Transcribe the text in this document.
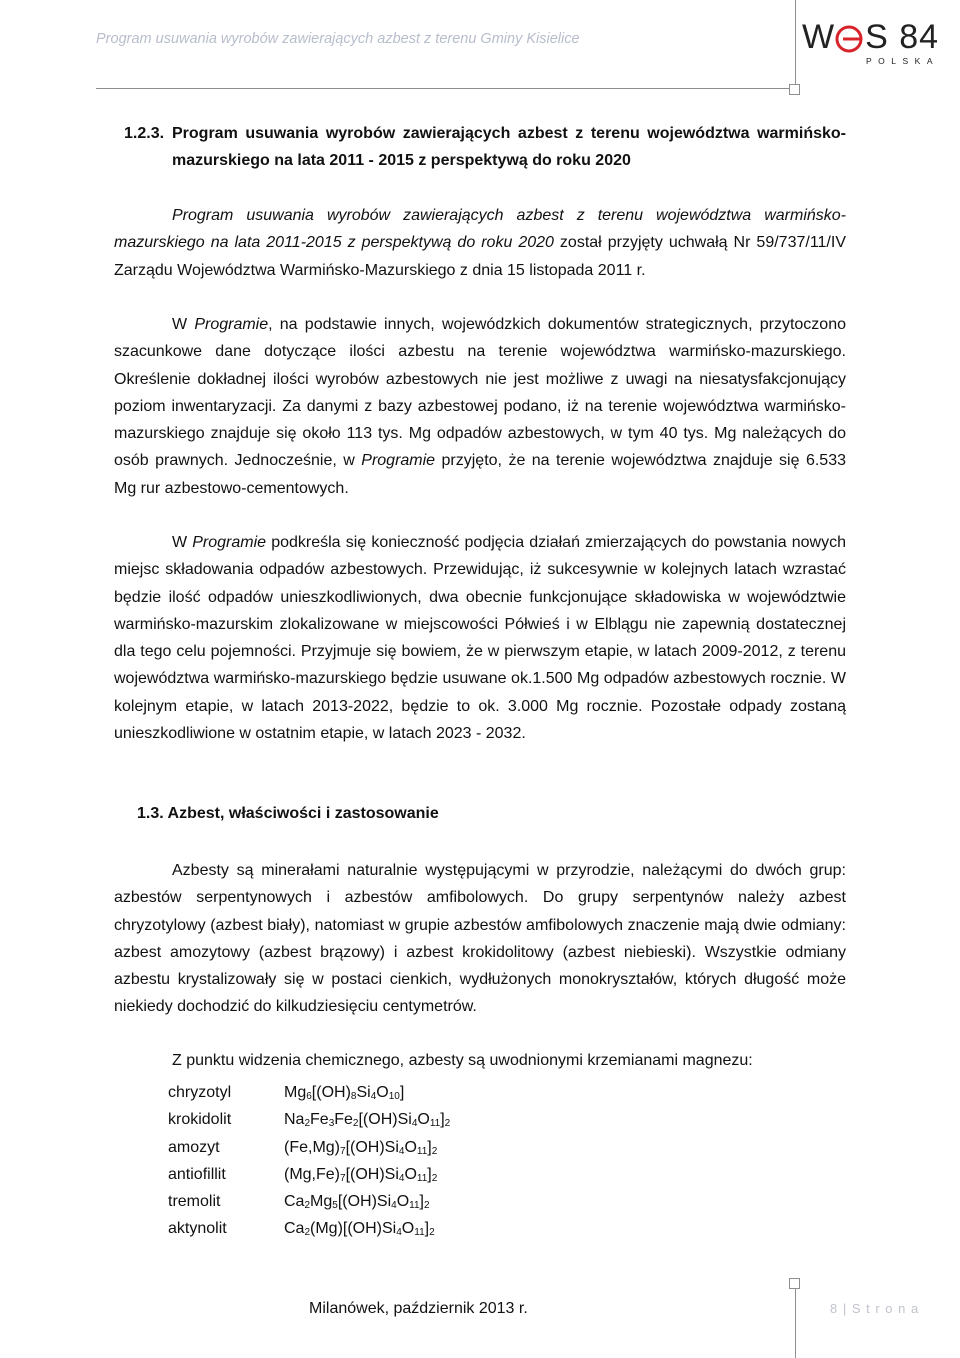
Program usuwania wyrobów zawierających azbest z terenu Gminy Kisielice	W S 84
POLSKA
1.2.3. Program usuwania wyrobów zawierających azbest z terenu województwa warmińsko-mazurskiego na lata 2011 - 2015 z perspektywą do roku 2020

Program usuwania wyrobów zawierających azbest z terenu województwa warmińsko-mazurskiego na lata 2011-2015 z perspektywą do roku 2020 został przyjęty uchwałą Nr 59/737/11/IV Zarządu Województwa Warmińsko-Mazurskiego z dnia 15 listopada 2011 r.

W Programie, na podstawie innych, wojewódzkich dokumentów strategicznych, przytoczono szacunkowe dane dotyczące ilości azbestu na terenie województwa warmińsko-mazurskiego. Określenie dokładnej ilości wyrobów azbestowych nie jest możliwe z uwagi na niesatysfakcjonujący poziom inwentaryzacji. Za danymi z bazy azbestowej podano, iż na terenie województwa warmińsko-mazurskiego znajduje się około 113 tys. Mg odpadów azbestowych, w tym 40 tys. Mg należących do osób prawnych. Jednocześnie, w Programie przyjęto, że na terenie województwa znajduje się 6.533 Mg rur azbestowo-cementowych.

W Programie podkreśla się konieczność podjęcia działań zmierzających do powstania nowych miejsc składowania odpadów azbestowych. Przewidując, iż sukcesywnie w kolejnych latach wzrastać będzie ilość odpadów unieszkodliwionych, dwa obecnie funkcjonujące składowiska w województwie warmińsko-mazurskim zlokalizowane w miejscowości Półwieś i w Elblągu nie zapewnią dostatecznej dla tego celu pojemności. Przyjmuje się bowiem, że w pierwszym etapie, w latach 2009-2012, z terenu województwa warmińsko-mazurskiego będzie usuwane ok.1.500 Mg odpadów azbestowych rocznie. W kolejnym etapie, w latach 2013-2022, będzie to ok. 3.000 Mg rocznie. Pozostałe odpady zostaną unieszkodliwione w ostatnim etapie, w latach 2023 - 2032.

1.3. Azbest, właściwości i zastosowanie

Azbesty są minerałami naturalnie występującymi w przyrodzie, należącymi do dwóch grup: azbestów serpentynowych i azbestów amfibolowych. Do grupy serpentynów należy azbest chryzotylowy (azbest biały), natomiast w grupie azbestów amfibolowych znaczenie mają dwie odmiany: azbest amozytowy (azbest brązowy) i azbest krokidolitowy (azbest niebieski). Wszystkie odmiany azbestu krystalizowały się w postaci cienkich, wydłużonych monokryształów, których długość może niekiedy dochodzić do kilkudziesięciu centymetrów.

Z punktu widzenia chemicznego, azbesty są uwodnionymi krzemianami magnezu:
chryzotyl	$Mg_6[(OH)_8Si_4O_{10}]$
krokidolit	$Na_2Fe_3Fe_2[(OH)Si_4O_{11}]_2$
amozyt	$(Fe,Mg)_7[(OH)Si_4O_{11}]_2$
antiofillit	$(Mg,Fe)_7[(OH)Si_4O_{11}]_2$
tremolit	$Ca_2Mg_5[(OH)Si_4O_{11}]_2$
aktynolit	$Ca_2(Mg)[(OH)Si_4O_{11}]_2$
Milanówek, październik 2013 r.	8 | S t r o n a
